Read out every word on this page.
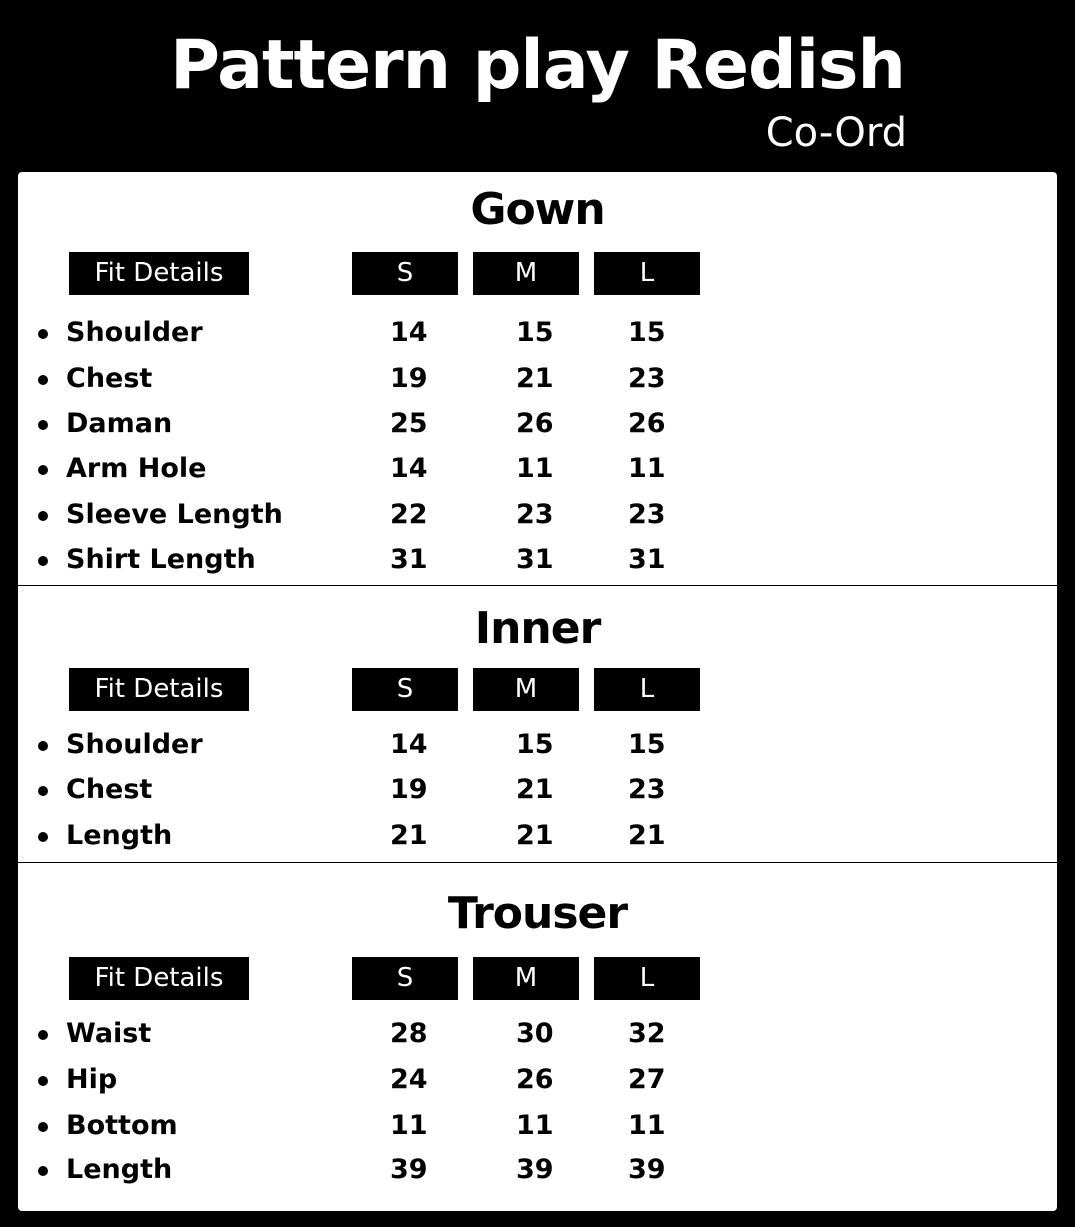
Pattern play Redish
Co-Ord
Gown
Fit Details	S	M	L
Shoulder	14	15	15
Chest	19	21	23
Daman	25	26	26
Arm Hole	14	11	11
Sleeve Length	22	23	23
Shirt Length	31	31	31
Inner
Fit Details	S	M	L
Shoulder	14	15	15
Chest	19	21	23
Length	21	21	21
Trouser
Fit Details	S	M	L
Waist	28	30	32
Hip	24	26	27
Bottom	11	11	11
Length	39	39	39
